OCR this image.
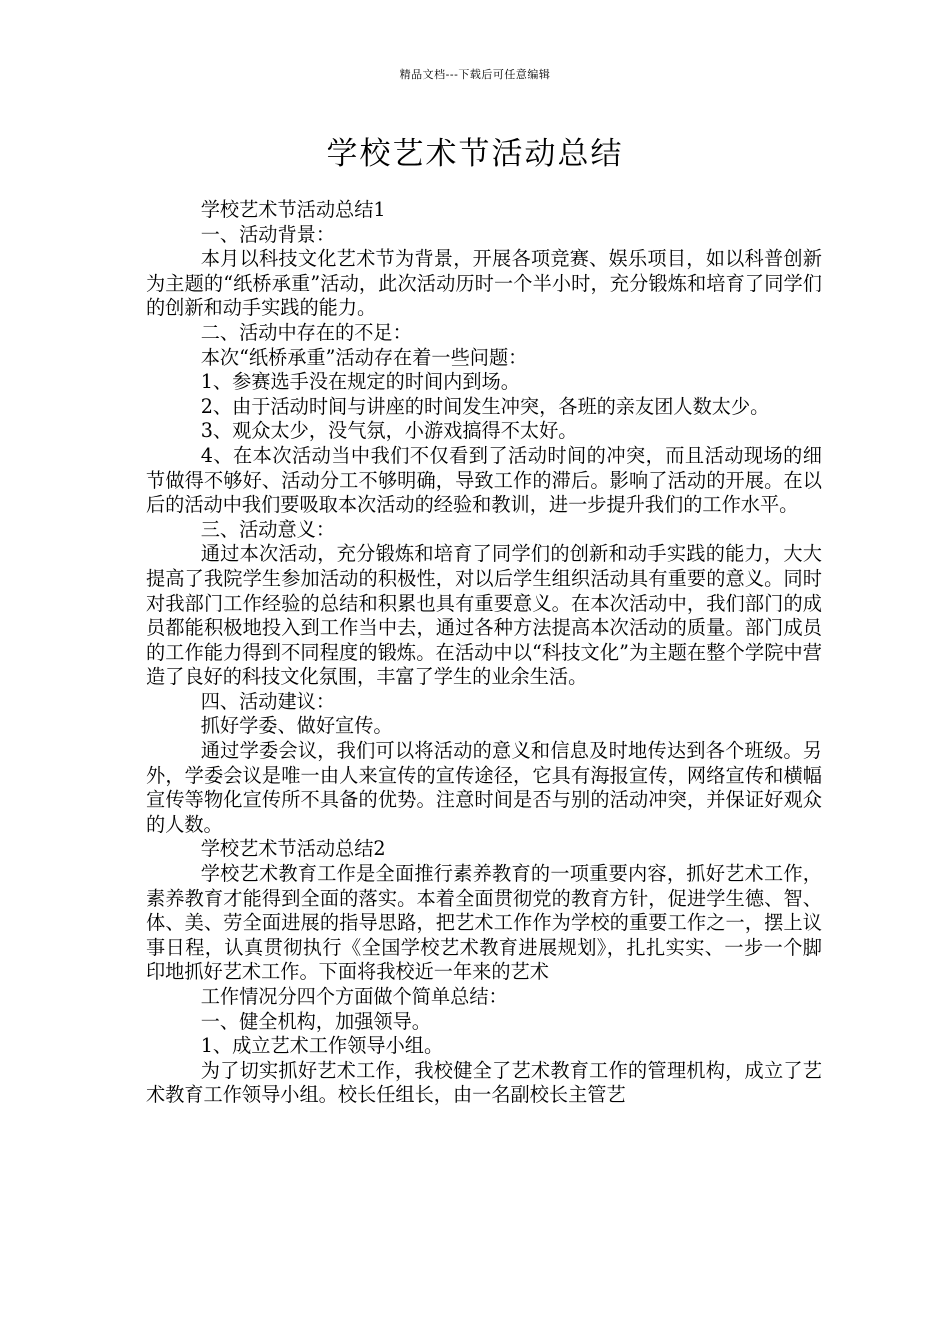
精品文档---下载后可任意编辑
学校艺术节活动总结

学校艺术节活动总结1

一、活动背景：

本月以科技文化艺术节为背景，开展各项竞赛、娱乐项目，如以科普创新为主题的“纸桥承重”活动，此次活动历时一个半小时，充分锻炼和培育了同学们的创新和动手实践的能力。

二、活动中存在的不足：

本次“纸桥承重”活动存在着一些问题：

1、参赛选手没在规定的时间内到场。

2、由于活动时间与讲座的时间发生冲突，各班的亲友团人数太少。

3、观众太少，没气氛，小游戏搞得不太好。

4、在本次活动当中我们不仅看到了活动时间的冲突，而且活动现场的细节做得不够好、活动分工不够明确，导致工作的滞后。影响了活动的开展。在以后的活动中我们要吸取本次活动的经验和教训，进一步提升我们的工作水平。

三、活动意义：

通过本次活动，充分锻炼和培育了同学们的创新和动手实践的能力，大大提高了我院学生参加活动的积极性，对以后学生组织活动具有重要的意义。同时对我部门工作经验的总结和积累也具有重要意义。在本次活动中，我们部门的成员都能积极地投入到工作当中去，通过各种方法提高本次活动的质量。部门成员的工作能力得到不同程度的锻炼。在活动中以“科技文化”为主题在整个学院中营造了良好的科技文化氛围，丰富了学生的业余生活。

四、活动建议：

抓好学委、做好宣传。

通过学委会议，我们可以将活动的意义和信息及时地传达到各个班级。另外，学委会议是唯一由人来宣传的宣传途径，它具有海报宣传，网络宣传和横幅宣传等物化宣传所不具备的优势。注意时间是否与别的活动冲突，并保证好观众的人数。

学校艺术节活动总结2

学校艺术教育工作是全面推行素养教育的一项重要内容，抓好艺术工作，素养教育才能得到全面的落实。本着全面贯彻党的教育方针，促进学生德、智、体、美、劳全面进展的指导思路，把艺术工作作为学校的重要工作之一，摆上议事日程，认真贯彻执行《全国学校艺术教育进展规划》，扎扎实实、一步一个脚印地抓好艺术工作。下面将我校近一年来的艺术

工作情况分四个方面做个简单总结：

一、健全机构，加强领导。

1、成立艺术工作领导小组。

为了切实抓好艺术工作，我校健全了艺术教育工作的管理机构，成立了艺术教育工作领导小组。校长任组长，由一名副校长主管艺
